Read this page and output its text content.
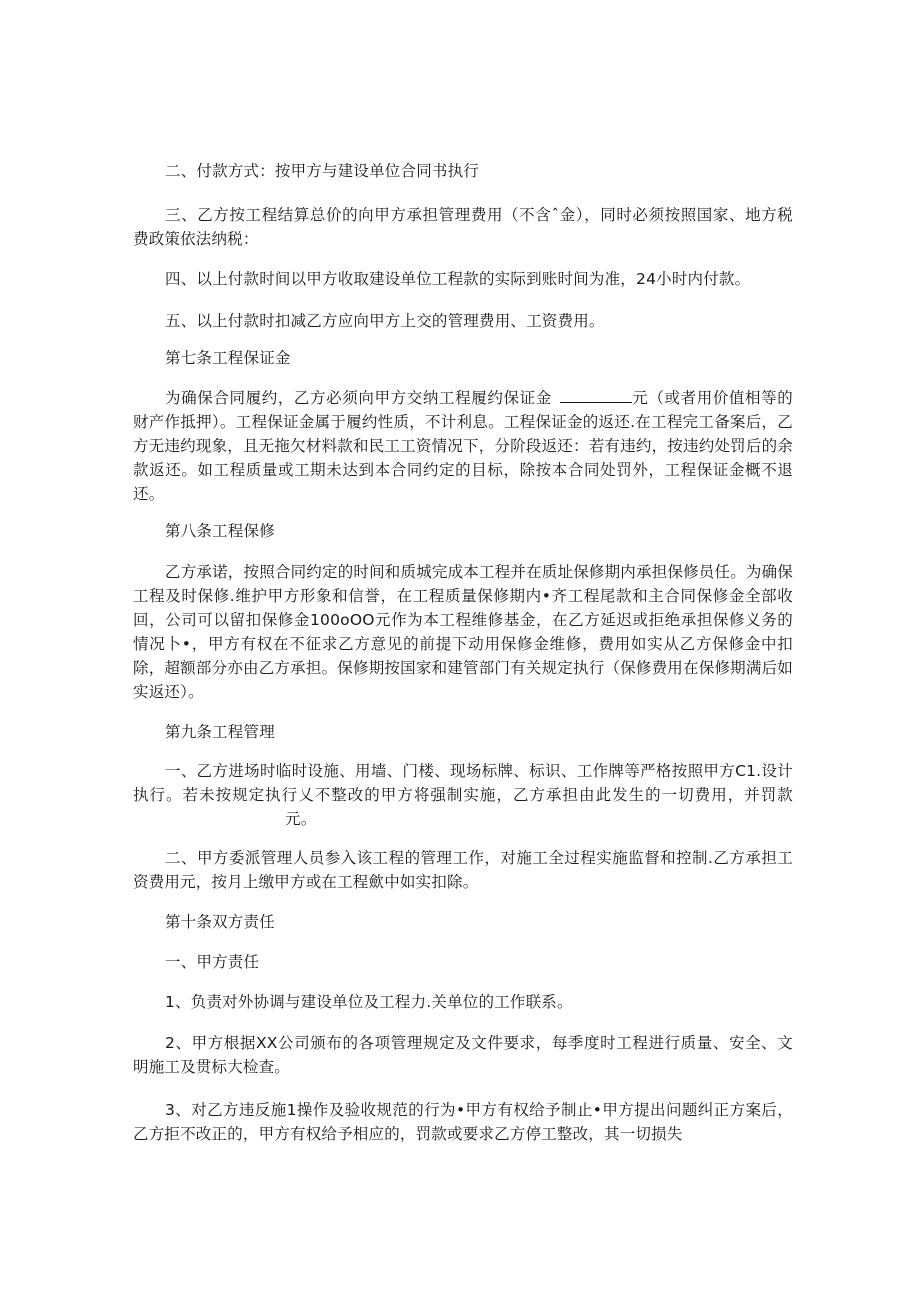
二、付款方式：按甲方与建设单位合同书执行

三、乙方按工程结算总价的向甲方承担管理费用（不含ˆ金），同时必须按照国家、地方税费政策依法纳税：

四、以上付款时间以甲方收取建设单位工程款的实际到账时间为准，24小时内付款。

五、以上付款时扣减乙方应向甲方上交的管理费用、工资费用。

第七条工程保证金

为确保合同履约，乙方必须向甲方交纳工程履约保证金	元（或者用价值相等的财产作抵押）。工程保证金属于履约性质，不计利息。工程保证金的返还.在工程完工备案后，乙方无违约现象，且无拖欠材料款和民工工资情况下，分阶段返还：若有违约，按违约处罚后的余款返还。如工程质量或工期未达到本合同约定的目标，除按本合同处罚外，工程保证金概不退还。

第八条工程保修

乙方承诺，按照合同约定的时间和质城完成本工程并在质址保修期内承担保修员任。为确保工程及时保修.维护甲方形象和信誉，在工程质量保修期内•齐工程尾款和主合同保修金全部收回，公司可以留扣保修金100oOO元作为本工程维修基金，在乙方延迟或拒绝承担保修义务的情况卜•，甲方有权在不征求乙方意见的前提下动用保修金维修，费用如实从乙方保修金中扣除，超额部分亦由乙方承担。保修期按国家和建管部门有关规定执行（保修费用在保修期满后如实返还）。

第九条工程管理

一、乙方进场时临时设施、用墙、门楼、现场标牌、标识、工作牌等严格按照甲方C1.设计执行。若未按规定执行乂不整改的甲方将强制实施，乙方承担由此发生的一切费用，并罚款元。

二、甲方委派管理人员参入该工程的管理工作，对施工全过程实施监督和控制.乙方承担工资费用元，按月上缴甲方或在工程歛中如实扣除。

第十条双方责任

一、甲方责任

1、负责对外协调与建设单位及工程力.关单位的工作联系。

2、甲方根据XX公司颁布的各项管理规定及文件要求，每季度时工程进行质量、安全、文明施工及贯标大检查。

3、对乙方违反施1操作及验收规范的行为•甲方有权给予制止•甲方提出问题纠正方案后，乙方拒不改正的，甲方有权给予相应的，罚款或要求乙方停工整改，其一切损失
